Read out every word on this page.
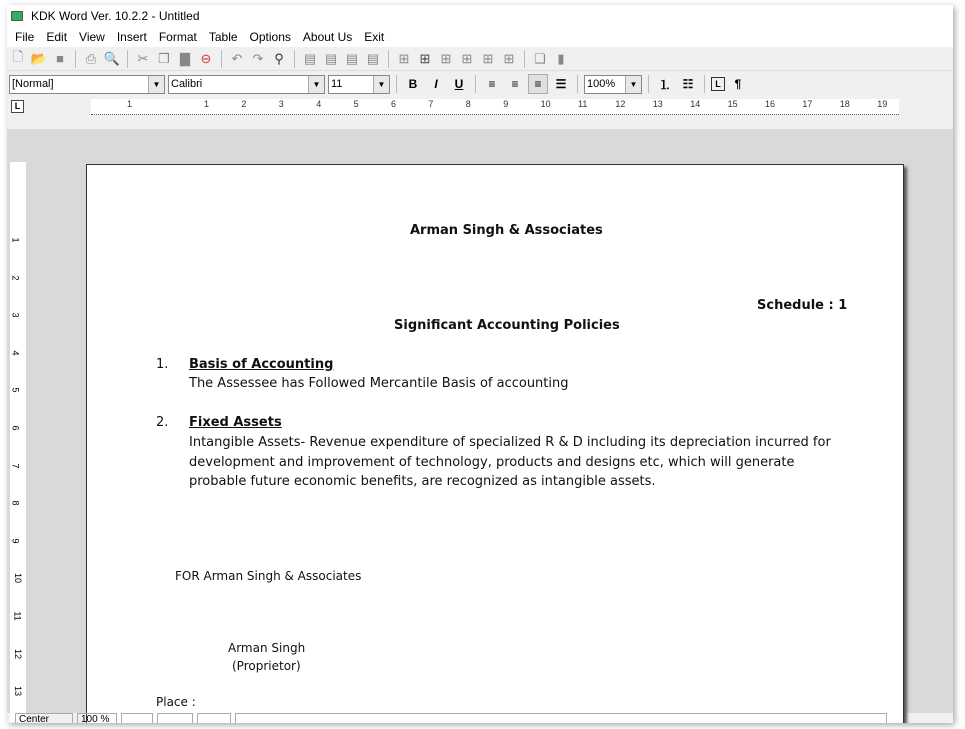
KDK Word Ver. 10.2.2 - Untitled
File	Edit	View	Insert	Format	Table	Options	About Us	Exit
🗋 📂 ■	⎙ 🔍 ✂ ❐ ▇ ⊖ ↶ ↷ ⚲	▤ ▤ ▤ ▤ ⊞ ⊞ ⊞ ⊞ ⊞ ⊞ ❏ ▮
[Normal]	▼ Calibri	▼ 11	▼	B	I	U	≡	≡	≡	☰	100%	▼	⒈ ☷	L	¶
L	1	1	2	3	4	5	6	7	8	9	10	11	12	13	14	15	16	17	18	19
1
2
3
4
5
6
7
8
9
10
11
12
13
Arman Singh & Associates
Schedule : 1
Significant Accounting Policies
1. Basis of Accounting
The Assessee has Followed Mercantile Basis of accounting
2. Fixed Assets
Intangible Assets- Revenue expenditure of specialized R & D including its depreciation incurred for
development and improvement of technology, products and designs etc, which will generate
probable future economic benefits, are recognized as intangible assets.
FOR Arman Singh & Associates
Arman Singh
(Proprietor)
Place :
Center	100 %
